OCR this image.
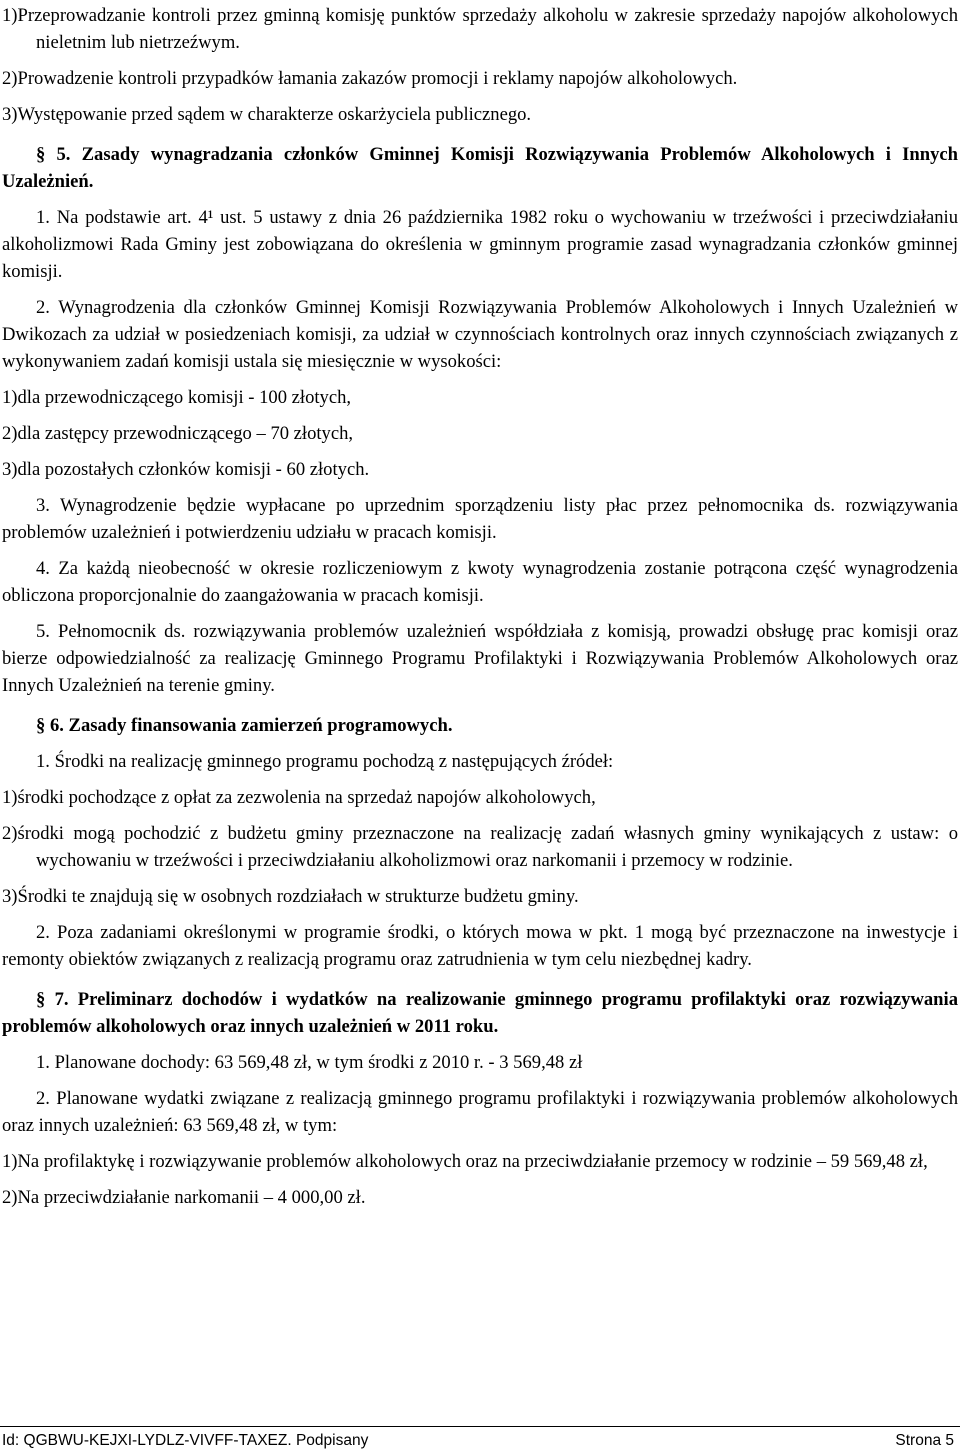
1)Przeprowadzanie kontroli przez gminną komisję punktów sprzedaży alkoholu w zakresie sprzedaży napojów alkoholowych nieletnim lub nietrzeźwym.

2)Prowadzenie kontroli przypadków łamania zakazów promocji i reklamy napojów alkoholowych.

3)Występowanie przed sądem w charakterze oskarżyciela publicznego.

§ 5. Zasady wynagradzania członków Gminnej Komisji Rozwiązywania Problemów Alkoholowych i Innych Uzależnień.

1. Na podstawie art. 4¹ ust. 5 ustawy z dnia 26 października 1982 roku o wychowaniu w trzeźwości i przeciwdziałaniu alkoholizmowi Rada Gminy jest zobowiązana do określenia w gminnym programie zasad wynagradzania członków gminnej komisji.

2. Wynagrodzenia dla członków Gminnej Komisji Rozwiązywania Problemów Alkoholowych i Innych Uzależnień w Dwikozach za udział w posiedzeniach komisji, za udział w czynnościach kontrolnych oraz innych czynnościach związanych z wykonywaniem zadań komisji ustala się miesięcznie w wysokości:

1)dla przewodniczącego komisji - 100 złotych,

2)dla zastępcy przewodniczącego – 70 złotych,

3)dla pozostałych członków komisji - 60 złotych.

3. Wynagrodzenie będzie wypłacane po uprzednim sporządzeniu listy płac przez pełnomocnika ds. rozwiązywania problemów uzależnień i potwierdzeniu udziału w pracach komisji.

4. Za każdą nieobecność w okresie rozliczeniowym z kwoty wynagrodzenia zostanie potrącona część wynagrodzenia obliczona proporcjonalnie do zaangażowania w pracach komisji.

5. Pełnomocnik ds. rozwiązywania problemów uzależnień współdziała z komisją, prowadzi obsługę prac komisji oraz bierze odpowiedzialność za realizację Gminnego Programu Profilaktyki i Rozwiązywania Problemów Alkoholowych oraz Innych Uzależnień na terenie gminy.

§ 6. Zasady finansowania zamierzeń programowych.

1. Środki na realizację gminnego programu pochodzą z następujących źródeł:

1)środki pochodzące z opłat za zezwolenia na sprzedaż napojów alkoholowych,

2)środki mogą pochodzić z budżetu gminy przeznaczone na realizację zadań własnych gminy wynikających z ustaw: o wychowaniu w trzeźwości i przeciwdziałaniu alkoholizmowi oraz narkomanii i przemocy w rodzinie.

3)Środki te znajdują się w osobnych rozdziałach w strukturze budżetu gminy.

2. Poza zadaniami określonymi w programie środki, o których mowa w pkt. 1 mogą być przeznaczone na inwestycje i remonty obiektów związanych z realizacją programu oraz zatrudnienia w tym celu niezbędnej kadry.

§ 7. Preliminarz dochodów i wydatków na realizowanie gminnego programu profilaktyki oraz rozwiązywania problemów alkoholowych oraz innych uzależnień w 2011 roku.

1. Planowane dochody: 63 569,48 zł, w tym środki z 2010 r. - 3 569,48 zł

2. Planowane wydatki związane z realizacją gminnego programu profilaktyki i rozwiązywania problemów alkoholowych oraz innych uzależnień: 63 569,48 zł, w tym:

1)Na profilaktykę i rozwiązywanie problemów alkoholowych oraz na przeciwdziałanie przemocy w rodzinie – 59 569,48 zł,

2)Na przeciwdziałanie narkomanii – 4 000,00 zł.

Id: QGBWU-KEJXI-LYDLZ-VIVFF-TAXEZ. Podpisany	Strona 5
